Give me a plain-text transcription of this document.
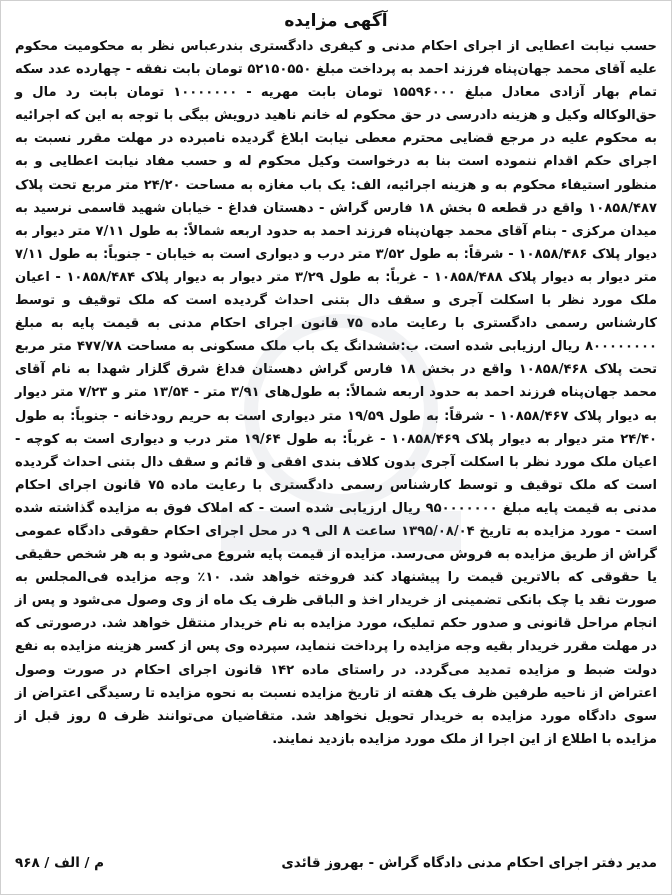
آگهی مزایده
حسب نیابت اعطایی از اجرای احکام مدنی و کیفری دادگستری بندرعباس نظر به محکومیت محکوم علیه آقای محمد جهان‌پناه فرزند احمد به پرداخت مبلغ ۵۲۱۵۰۵۵۰ تومان بابت نفقه - چهارده عدد سکه تمام بهار آزادی معادل مبلغ ۱۵۵۹۶۰۰۰ تومان بابت مهریه - ۱۰۰۰۰۰۰۰ تومان بابت رد مال و حق‌الوکاله وکیل و هزینه دادرسی در حق محکوم له خانم ناهید درویش بیگی با توجه به این که اجرائیه به محکوم علیه در مرجع قضایی محترم معطی نیابت ابلاغ گردیده نامبرده در مهلت مقرر نسبت به اجرای حکم اقدام ننموده است بنا به درخواست وکیل محکوم له و حسب مفاد نیابت اعطایی و به منظور استیفاء محکوم به و هزینه اجرائیه، الف: یک باب مغازه به مساحت ۲۴/۲۰ متر مربع تحت پلاک ۱۰۸۵۸/۴۸۷ واقع در قطعه ۵ بخش ۱۸ فارس گراش - دهستان فداغ - خیابان شهید قاسمی نرسید به میدان مرکزی - بنام آقای محمد جهان‌پناه فرزند احمد به حدود اربعه شمالاً: به طول ۷/۱۱ متر دیوار به دیوار پلاک ۱۰۸۵۸/۴۸۶ - شرقاً: به طول ۳/۵۲ متر درب و دیواری است به خیابان - جنوباً: به طول ۷/۱۱ متر دیوار به دیوار پلاک ۱۰۸۵۸/۴۸۸ - غرباً: به طول ۳/۲۹ متر دیوار به دیوار پلاک ۱۰۸۵۸/۴۸۴ - اعیان ملک مورد نظر با اسکلت آجری و سقف دال بتنی احداث گردیده است که ملک توقیف و توسط کارشناس رسمی دادگستری با رعایت ماده ۷۵ قانون اجرای احکام مدنی به قیمت پایه به مبلغ ۸۰۰۰۰۰۰۰۰ ریال ارزیابی شده است. ب:ششدانگ یک باب ملک مسکونی به مساحت ۴۷۷/۷۸ متر مربع تحت پلاک ۱۰۸۵۸/۴۶۸ واقع در بخش ۱۸ فارس گراش دهستان فداغ شرق گلزار شهدا به نام آقای محمد جهان‌پناه فرزند احمد به حدود اربعه شمالاً: به طول‌های ۳/۹۱ متر - ۱۳/۵۴ متر و ۷/۲۳ متر دیوار به دیوار پلاک ۱۰۸۵۸/۴۶۷ - شرقاً: به طول ۱۹/۵۹ متر دیواری است به حریم رودخانه - جنوباً: به طول ۲۴/۴۰ متر دیوار به دیوار پلاک ۱۰۸۵۸/۴۶۹ - غرباً: به طول ۱۹/۶۴ متر درب و دیواری است به کوچه - اعیان ملک مورد نظر با اسکلت آجری بدون کلاف بندی افقی و قائم و سقف دال بتنی احداث گردیده است که ملک توقیف و توسط کارشناس رسمی دادگستری با رعایت ماده ۷۵ قانون اجرای احکام مدنی به قیمت پایه مبلغ ۹۵۰۰۰۰۰۰۰ ریال ارزیابی شده است - که املاک فوق به مزایده گذاشته شده است - مورد مزایده به تاریخ ۱۳۹۵/۰۸/۰۴ ساعت ۸ الی ۹ در محل اجرای احکام حقوقی دادگاه عمومی گراش از طریق مزایده به فروش می‌رسد. مزایده از قیمت پایه شروع می‌شود و به هر شخص حقیقی یا حقوقی که بالاترین قیمت را پیشنهاد کند فروخته خواهد شد. ۱۰٪ وجه مزایده فی‌المجلس به صورت نقد یا چک بانکی تضمینی از خریدار اخذ و الباقی ظرف یک ماه از وی وصول می‌شود و پس از انجام مراحل قانونی و صدور حکم تملیک، مورد مزایده به نام خریدار منتقل خواهد شد. درصورتی که در مهلت مقرر خریدار بقیه وجه مزایده را پرداخت ننماید، سپرده وی پس از کسر هزینه مزایده به نفع دولت ضبط و مزایده تمدید می‌گردد. در راستای ماده ۱۴۲ قانون اجرای احکام در صورت وصول اعتراض از ناحیه طرفین ظرف یک هفته از تاریخ مزایده نسبت به نحوه مزایده تا رسیدگی اعتراض از سوی دادگاه مورد مزایده به خریدار تحویل نخواهد شد. متقاضیان می‌توانند ظرف ۵ روز قبل از مزایده با اطلاع از این اجرا از ملک مورد مزایده بازدید نمایند.
مدیر دفتر اجرای احکام مدنی دادگاه گراش - بهروز قائدی
م / الف / ۹۶۸
